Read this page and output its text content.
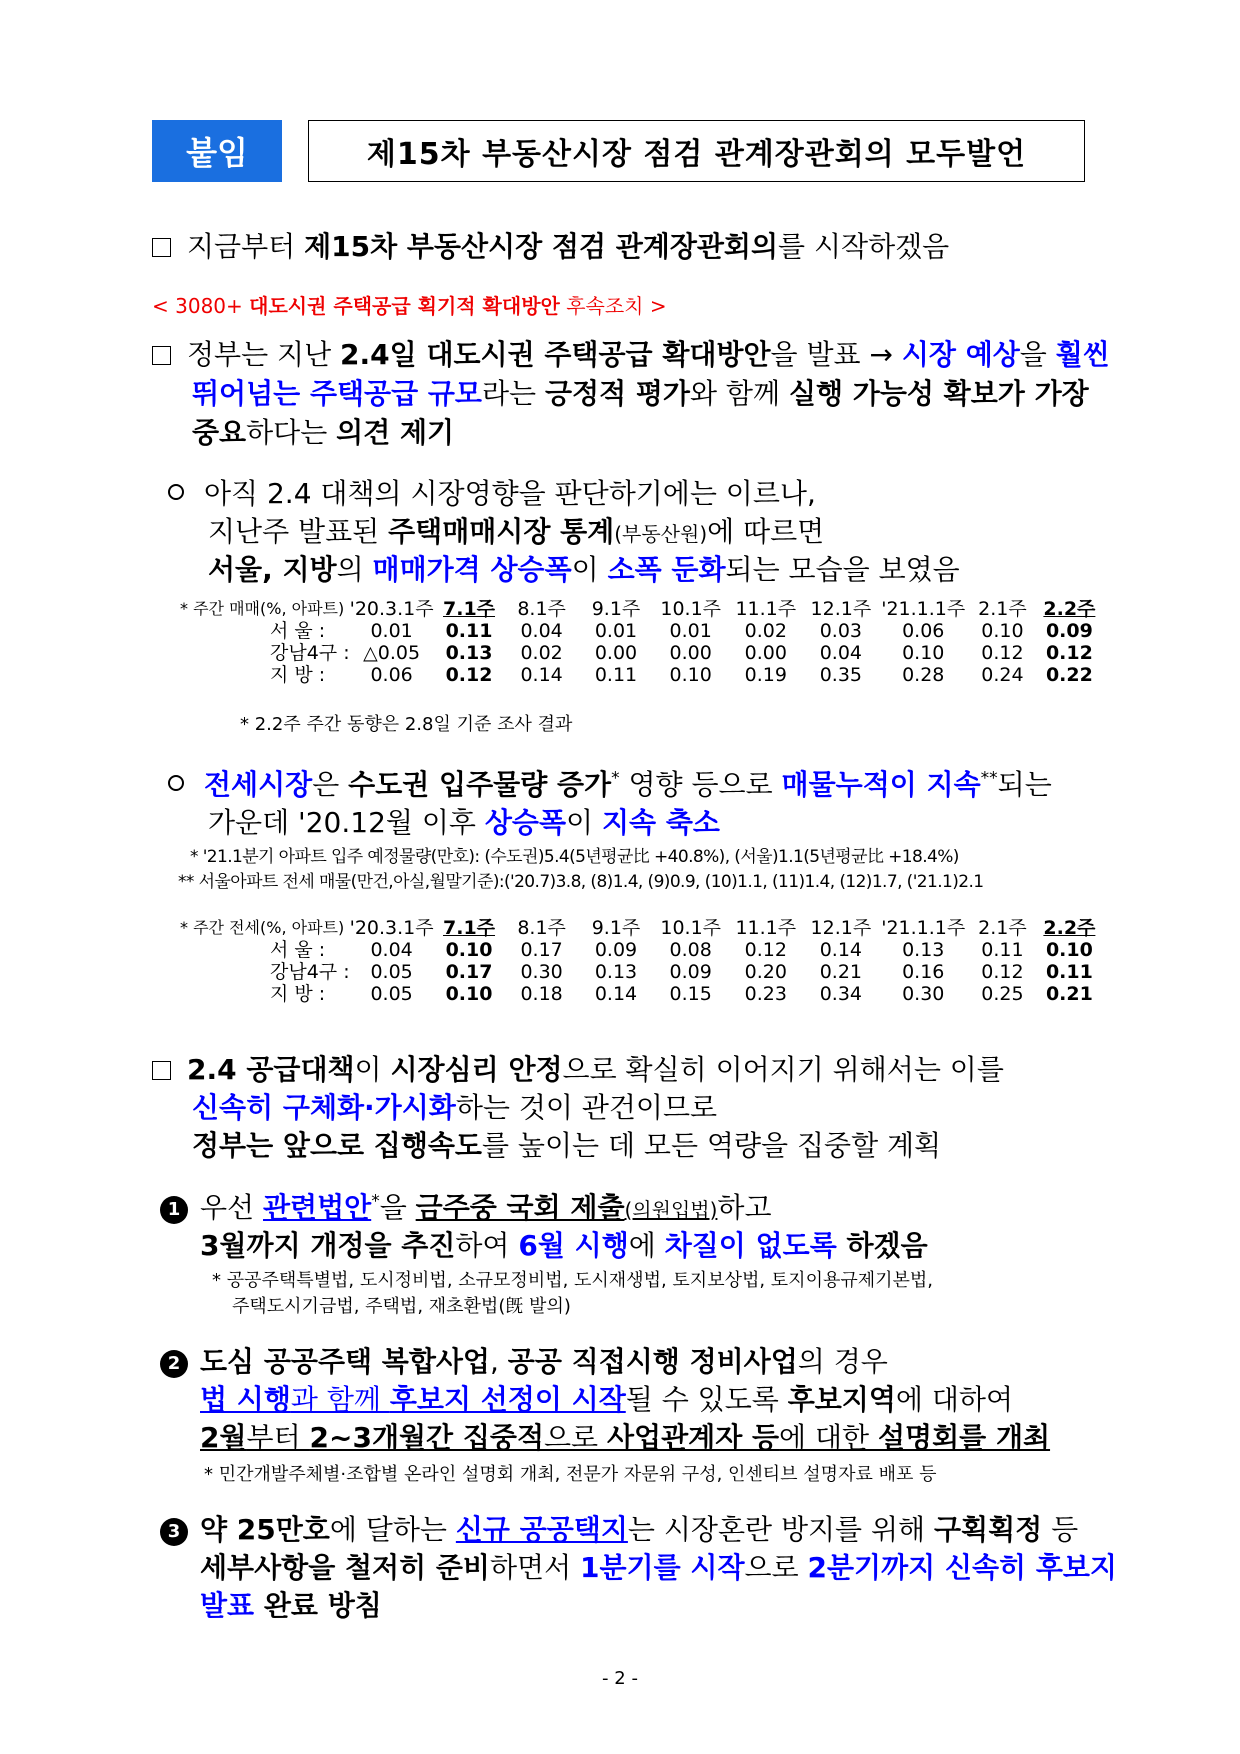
붙임	제15차 부동산시장 점검 관계장관회의 모두발언
지금부터 제15차 부동산시장 점검 관계장관회의를 시작하겠음
< 3080+ 대도시권 주택공급 획기적 확대방안 후속조치 >
정부는 지난 2.4일 대도시권 주택공급 확대방안을 발표 → 시장 예상을 훨씬
뛰어넘는 주택공급 규모라는 긍정적 평가와 함께 실행 가능성 확보가 가장
중요하다는 의견 제기
아직 2.4 대책의 시장영향을 판단하기에는 이르나,
지난주 발표된 주택매매시장 통계(부동산원)에 따르면
서울, 지방의 매매가격 상승폭이 소폭 둔화되는 모습을 보였음
* 주간 매매(%, 아파트)	'20.3.1주	7.1주	8.1주	9.1주	10.1주	11.1주	12.1주	'21.1.1주	2.1주	2.2주
서 울 :	0.01	0.11	0.04	0.01	0.01	0.02	0.03	0.06	0.10	0.09
강남4구 :	△0.05	0.13	0.02	0.00	0.00	0.00	0.04	0.10	0.12	0.12
지 방 :	0.06	0.12	0.14	0.11	0.10	0.19	0.35	0.28	0.24	0.22
* 2.2주 주간 동향은 2.8일 기준 조사 결과
전세시장은 수도권 입주물량 증가* 영향 등으로 매물누적이 지속**되는
가운데 '20.12월 이후 상승폭이 지속 축소
* '21.1분기 아파트 입주 예정물량(만호): (수도권)5.4(5년평균比 +40.8%), (서울)1.1(5년평균比 +18.4%)
** 서울아파트 전세 매물(만건,아실,월말기준):('20.7)3.8, (8)1.4, (9)0.9, (10)1.1, (11)1.4, (12)1.7, ('21.1)2.1
* 주간 전세(%, 아파트)	'20.3.1주	7.1주	8.1주	9.1주	10.1주	11.1주	12.1주	'21.1.1주	2.1주	2.2주
서 울 :	0.04	0.10	0.17	0.09	0.08	0.12	0.14	0.13	0.11	0.10
강남4구 :	0.05	0.17	0.30	0.13	0.09	0.20	0.21	0.16	0.12	0.11
지 방 :	0.05	0.10	0.18	0.14	0.15	0.23	0.34	0.30	0.25	0.21
2.4 공급대책이 시장심리 안정으로 확실히 이어지기 위해서는 이를
신속히 구체화·가시화하는 것이 관건이므로
정부는 앞으로 집행속도를 높이는 데 모든 역량을 집중할 계획
1 우선 관련법안*을 금주중 국회 제출(의원입법)하고
3월까지 개정을 추진하여 6월 시행에 차질이 없도록 하겠음
* 공공주택특별법, 도시정비법, 소규모정비법, 도시재생법, 토지보상법, 토지이용규제기본법,
주택도시기금법, 주택법, 재초환법(旣 발의)
2 도심 공공주택 복합사업, 공공 직접시행 정비사업의 경우
법 시행과 함께 후보지 선정이 시작될 수 있도록 후보지역에 대하여
2월부터 2~3개월간 집중적으로 사업관계자 등에 대한 설명회를 개최
* 민간개발주체별·조합별 온라인 설명회 개최, 전문가 자문위 구성, 인센티브 설명자료 배포 등
3 약 25만호에 달하는 신규 공공택지는 시장혼란 방지를 위해 구획획정 등
세부사항을 철저히 준비하면서 1분기를 시작으로 2분기까지 신속히 후보지
발표 완료 방침
- 2 -
